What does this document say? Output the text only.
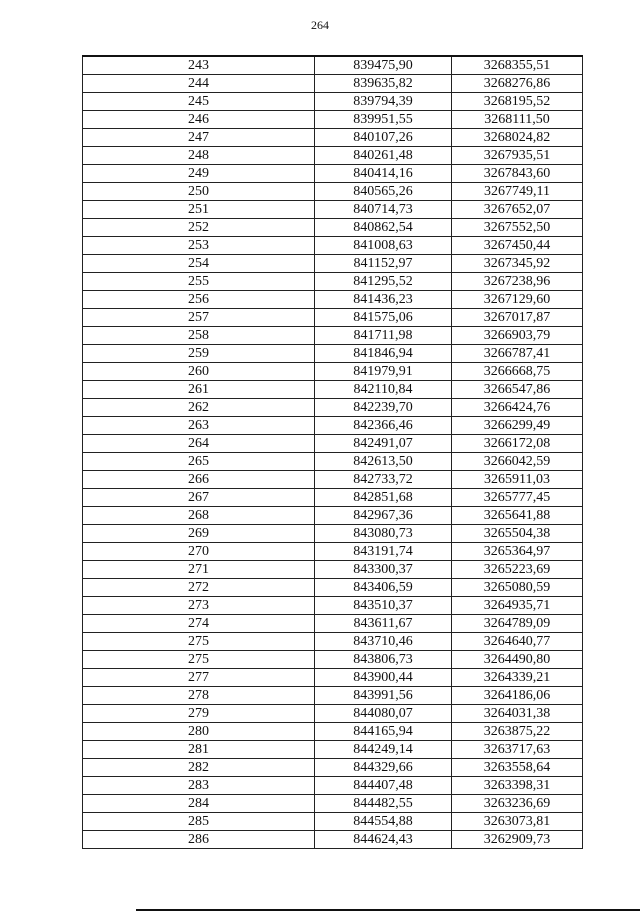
264
243	839475,90	3268355,51
244	839635,82	3268276,86
245	839794,39	3268195,52
246	839951,55	3268111,50
247	840107,26	3268024,82
248	840261,48	3267935,51
249	840414,16	3267843,60
250	840565,26	3267749,11
251	840714,73	3267652,07
252	840862,54	3267552,50
253	841008,63	3267450,44
254	841152,97	3267345,92
255	841295,52	3267238,96
256	841436,23	3267129,60
257	841575,06	3267017,87
258	841711,98	3266903,79
259	841846,94	3266787,41
260	841979,91	3266668,75
261	842110,84	3266547,86
262	842239,70	3266424,76
263	842366,46	3266299,49
264	842491,07	3266172,08
265	842613,50	3266042,59
266	842733,72	3265911,03
267	842851,68	3265777,45
268	842967,36	3265641,88
269	843080,73	3265504,38
270	843191,74	3265364,97
271	843300,37	3265223,69
272	843406,59	3265080,59
273	843510,37	3264935,71
274	843611,67	3264789,09
275	843710,46	3264640,77
275	843806,73	3264490,80
277	843900,44	3264339,21
278	843991,56	3264186,06
279	844080,07	3264031,38
280	844165,94	3263875,22
281	844249,14	3263717,63
282	844329,66	3263558,64
283	844407,48	3263398,31
284	844482,55	3263236,69
285	844554,88	3263073,81
286	844624,43	3262909,73
